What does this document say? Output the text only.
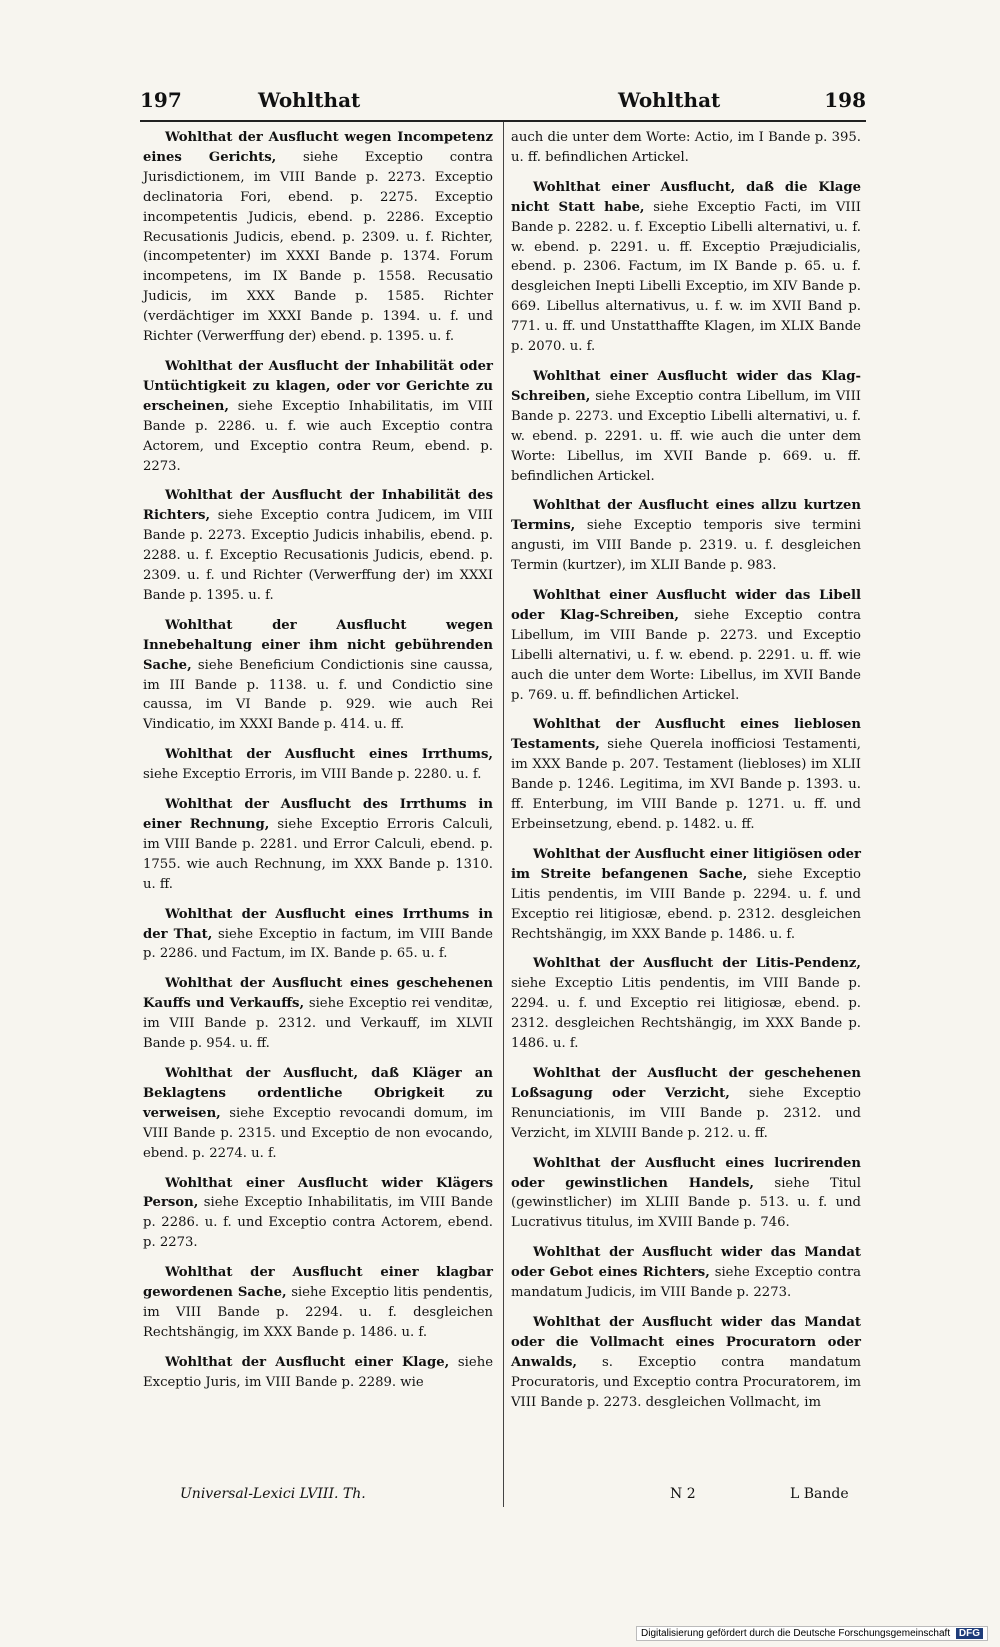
197	Wohlthat	Wohlthat	198

Wohlthat der Ausflucht wegen Incompetenz eines Gerichts, siehe Exceptio contra Jurisdictionem, im VIII Bande p. 2273. Exceptio declinatoria Fori, ebend. p. 2275. Exceptio incompetentis Judicis, ebend. p. 2286. Exceptio Recusationis Judicis, ebend. p. 2309. u. f. Richter, (incompetenter) im XXXI Bande p. 1374. Forum incompetens, im IX Bande p. 1558. Recusatio Judicis, im XXX Bande p. 1585. Richter (verdächtiger im XXXI Bande p. 1394. u. f. und Richter (Verwerffung der) ebend. p. 1395. u. f.

Wohlthat der Ausflucht der Inhabilität oder Untüchtigkeit zu klagen, oder vor Gerichte zu erscheinen, siehe Exceptio Inhabilitatis, im VIII Bande p. 2286. u. f. wie auch Exceptio contra Actorem, und Exceptio contra Reum, ebend. p. 2273.

Wohlthat der Ausflucht der Inhabilität des Richters, siehe Exceptio contra Judicem, im VIII Bande p. 2273. Exceptio Judicis inhabilis, ebend. p. 2288. u. f. Exceptio Recusationis Judicis, ebend. p. 2309. u. f. und Richter (Verwerffung der) im XXXI Bande p. 1395. u. f.

Wohlthat der Ausflucht wegen Innebehaltung einer ihm nicht gebührenden Sache, siehe Beneficium Condictionis sine caussa, im III Bande p. 1138. u. f. und Condictio sine caussa, im VI Bande p. 929. wie auch Rei Vindicatio, im XXXI Bande p. 414. u. ff.

Wohlthat der Ausflucht eines Irrthums, siehe Exceptio Erroris, im VIII Bande p. 2280. u. f.

Wohlthat der Ausflucht des Irrthums in einer Rechnung, siehe Exceptio Erroris Calculi, im VIII Bande p. 2281. und Error Calculi, ebend. p. 1755. wie auch Rechnung, im XXX Bande p. 1310. u. ff.

Wohlthat der Ausflucht eines Irrthums in der That, siehe Exceptio in factum, im VIII Bande p. 2286. und Factum, im IX. Bande p. 65. u. f.

Wohlthat der Ausflucht eines geschehenen Kauffs und Verkauffs, siehe Exceptio rei venditæ, im VIII Bande p. 2312. und Verkauff, im XLVII Bande p. 954. u. ff.

Wohlthat der Ausflucht, daß Kläger an Beklagtens ordentliche Obrigkeit zu verweisen, siehe Exceptio revocandi domum, im VIII Bande p. 2315. und Exceptio de non evocando, ebend. p. 2274. u. f.

Wohlthat einer Ausflucht wider Klägers Person, siehe Exceptio Inhabilitatis, im VIII Bande p. 2286. u. f. und Exceptio contra Actorem, ebend. p. 2273.

Wohlthat der Ausflucht einer klagbar gewordenen Sache, siehe Exceptio litis pendentis, im VIII Bande p. 2294. u. f. desgleichen Rechtshängig, im XXX Bande p. 1486. u. f.

Wohlthat der Ausflucht einer Klage, siehe Exceptio Juris, im VIII Bande p. 2289. wie

auch die unter dem Worte: Actio, im I Bande p. 395. u. ff. befindlichen Artickel.

Wohlthat einer Ausflucht, daß die Klage nicht Statt habe, siehe Exceptio Facti, im VIII Bande p. 2282. u. f. Exceptio Libelli alternativi, u. f. w. ebend. p. 2291. u. ff. Exceptio Præjudicialis, ebend. p. 2306. Factum, im IX Bande p. 65. u. f. desgleichen Inepti Libelli Exceptio, im XIV Bande p. 669. Libellus alternativus, u. f. w. im XVII Band p. 771. u. ff. und Unstatthaffte Klagen, im XLIX Bande p. 2070. u. f.

Wohlthat einer Ausflucht wider das Klag-Schreiben, siehe Exceptio contra Libellum, im VIII Bande p. 2273. und Exceptio Libelli alternativi, u. f. w. ebend. p. 2291. u. ff. wie auch die unter dem Worte: Libellus, im XVII Bande p. 669. u. ff. befindlichen Artickel.

Wohlthat der Ausflucht eines allzu kurtzen Termins, siehe Exceptio temporis sive termini angusti, im VIII Bande p. 2319. u. f. desgleichen Termin (kurtzer), im XLII Bande p. 983.

Wohlthat einer Ausflucht wider das Libell oder Klag-Schreiben, siehe Exceptio contra Libellum, im VIII Bande p. 2273. und Exceptio Libelli alternativi, u. f. w. ebend. p. 2291. u. ff. wie auch die unter dem Worte: Libellus, im XVII Bande p. 769. u. ff. befindlichen Artickel.

Wohlthat der Ausflucht eines lieblosen Testaments, siehe Querela inofficiosi Testamenti, im XXX Bande p. 207. Testament (liebloses) im XLII Bande p. 1246. Legitima, im XVI Bande p. 1393. u. ff. Enterbung, im VIII Bande p. 1271. u. ff. und Erbeinsetzung, ebend. p. 1482. u. ff.

Wohlthat der Ausflucht einer litigiösen oder im Streite befangenen Sache, siehe Exceptio Litis pendentis, im VIII Bande p. 2294. u. f. und Exceptio rei litigiosæ, ebend. p. 2312. desgleichen Rechtshängig, im XXX Bande p. 1486. u. f.

Wohlthat der Ausflucht der Litis-Pendenz, siehe Exceptio Litis pendentis, im VIII Bande p. 2294. u. f. und Exceptio rei litigiosæ, ebend. p. 2312. desgleichen Rechtshängig, im XXX Bande p. 1486. u. f.

Wohlthat der Ausflucht der geschehenen Loßsagung oder Verzicht, siehe Exceptio Renunciationis, im VIII Bande p. 2312. und Verzicht, im XLVIII Bande p. 212. u. ff.

Wohlthat der Ausflucht eines lucrirenden oder gewinstlichen Handels, siehe Titul (gewinstlicher) im XLIII Bande p. 513. u. f. und Lucrativus titulus, im XVIII Bande p. 746.

Wohlthat der Ausflucht wider das Mandat oder Gebot eines Richters, siehe Exceptio contra mandatum Judicis, im VIII Bande p. 2273.

Wohlthat der Ausflucht wider das Mandat oder die Vollmacht eines Procuratorn oder Anwalds, s. Exceptio contra mandatum Procuratoris, und Exceptio contra Procuratorem, im VIII Bande p. 2273. desgleichen Vollmacht, im

Universal-Lexici LVIII. Th.	N 2	L Bande
Digitalisierung gefördert durch die Deutsche Forschungsgemeinschaft DFG
